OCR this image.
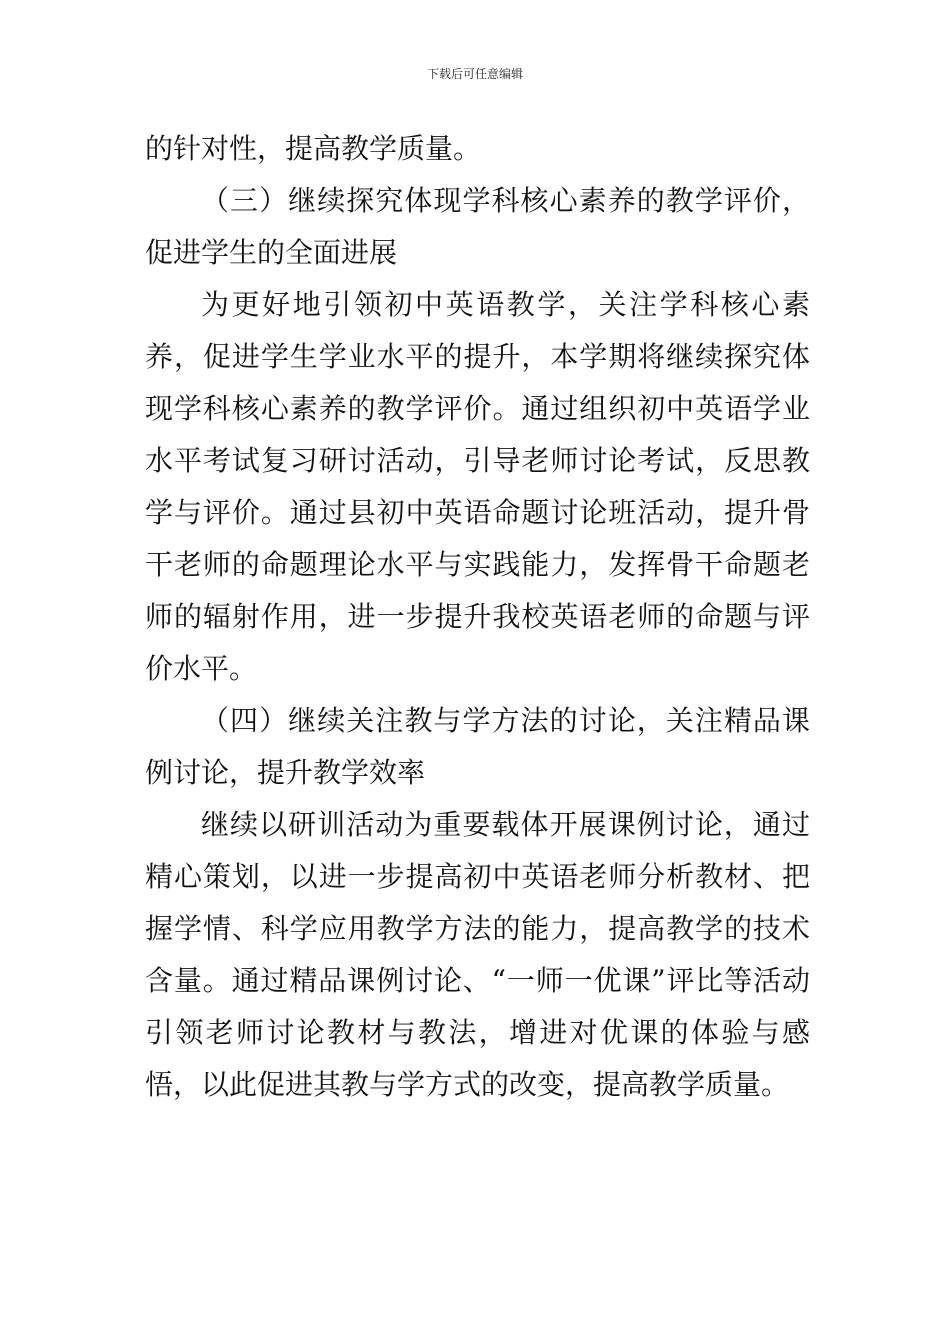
下载后可任意编辑

的针对性，提高教学质量。

（三）继续探究体现学科核心素养的教学评价，促进学生的全面进展

为更好地引领初中英语教学，关注学科核心素养，促进学生学业水平的提升，本学期将继续探究体现学科核心素养的教学评价。通过组织初中英语学业水平考试复习研讨活动，引导老师讨论考试，反思教学与评价。通过县初中英语命题讨论班活动，提升骨干老师的命题理论水平与实践能力，发挥骨干命题老师的辐射作用，进一步提升我校英语老师的命题与评价水平。

（四）继续关注教与学方法的讨论，关注精品课例讨论，提升教学效率

继续以研训活动为重要载体开展课例讨论，通过精心策划，以进一步提高初中英语老师分析教材、把握学情、科学应用教学方法的能力，提高教学的技术含量。通过精品课例讨论、“一师一优课”评比等活动引领老师讨论教材与教法，增进对优课的体验与感悟，以此促进其教与学方式的改变，提高教学质量。
